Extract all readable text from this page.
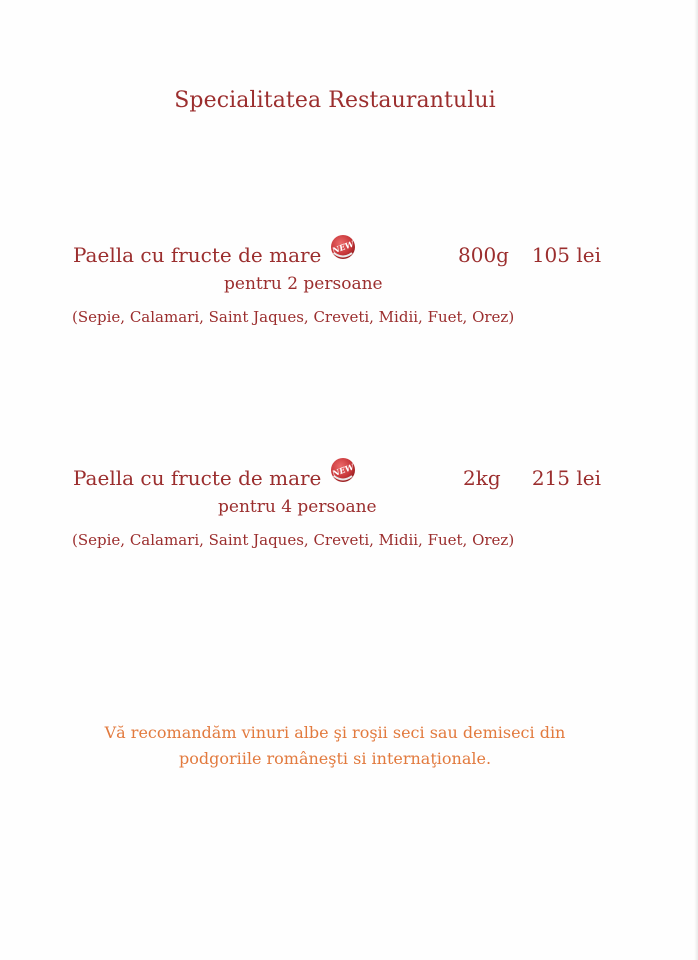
Specialitatea Restaurantului
Paella cu fructe de mare NEW	800g 105 lei
pentru 2 persoane
(Sepie, Calamari, Saint Jaques, Creveti, Midii, Fuet, Orez)
Paella cu fructe de mare NEW	2kg 215 lei
pentru 4 persoane
(Sepie, Calamari, Saint Jaques, Creveti, Midii, Fuet, Orez)
Vă recomandăm vinuri albe şi roşii seci sau demiseci din
podgoriile româneşti si internaţionale.
